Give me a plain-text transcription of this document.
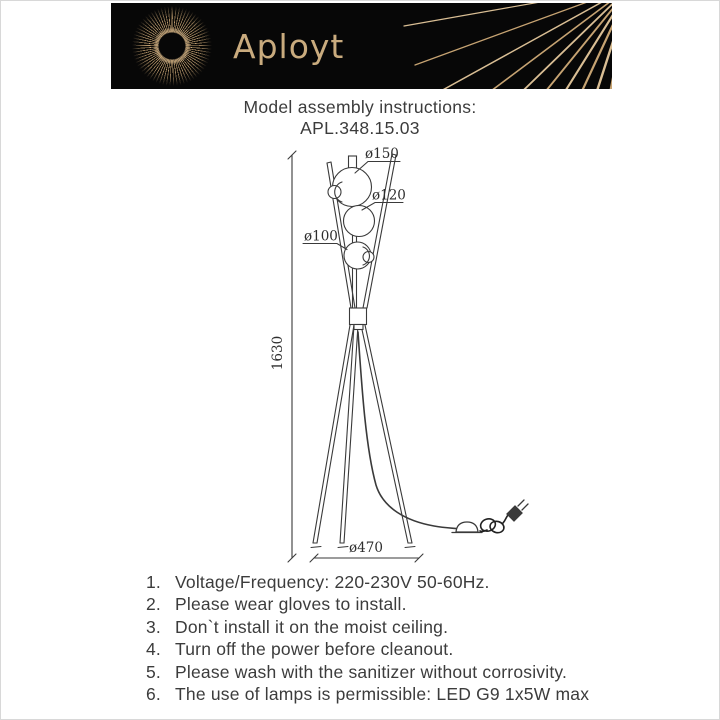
Aployt
Model assembly instructions:
APL.348.15.03
ø150
ø120
ø100
1630
ø470
1. Voltage/Frequency: 220-230V 50-60Hz.
2. Please wear gloves to install.
3. Don`t install it on the moist ceiling.
4. Turn off the power before cleanout.
5. Please wash with the sanitizer without corrosivity.
6. The use of lamps is permissible: LED G9 1x5W max
